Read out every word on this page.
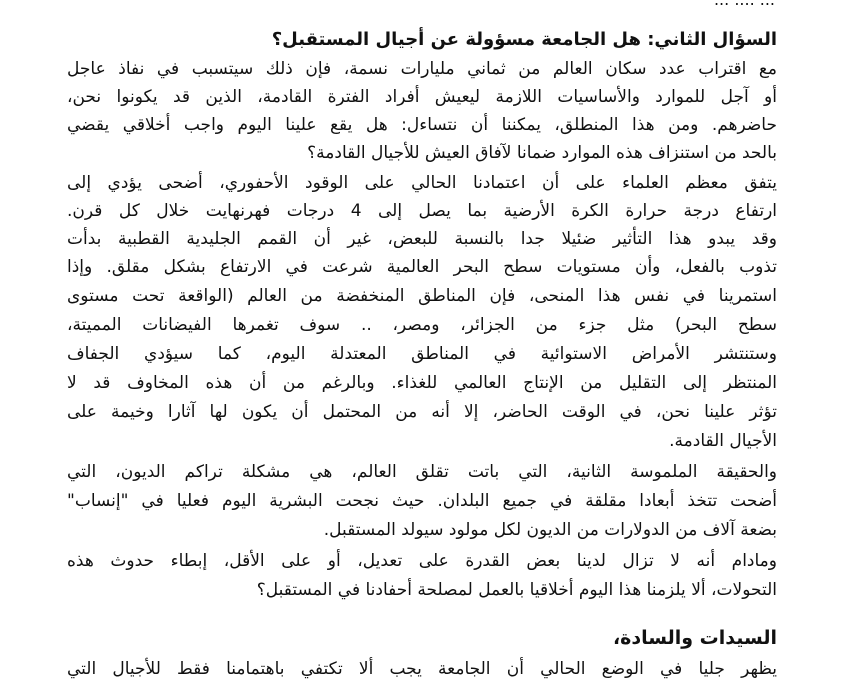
السؤال الثاني: هل الجامعة مسؤولة عن أجيال المستقبل؟
مع اقتراب عدد سكان العالم من ثماني مليارات نسمة، فإن ذلك سيتسبب في نفاذ عاجل
أو آجل للموارد والأساسيات اللازمة ليعيش أفراد الفترة القادمة، الذين قد يكونوا نحن،
حاضرهم. ومن هذا المنطلق، يمكننا أن نتساءل: هل يقع علينا اليوم واجب أخلاقي يقضي
بالحد من استنزاف هذه الموارد ضمانا لآفاق العيش للأجيال القادمة؟
يتفق معظم العلماء على أن اعتمادنا الحالي على الوقود الأحفوري، أضحى يؤدي إلى
ارتفاع درجة حرارة الكرة الأرضية بما يصل إلى 4 درجات فهرنهايت خلال كل قرن.
وقد يبدو هذا التأثير ضئيلا جدا بالنسبة للبعض، غير أن القمم الجليدية القطبية بدأت
تذوب بالفعل، وأن مستويات سطح البحر العالمية شرعت في الارتفاع بشكل مقلق. وإذا
استمرينا في نفس هذا المنحى، فإن المناطق المنخفضة من العالم (الواقعة تحت مستوى
سطح البحر) مثل جزء من الجزائر، ومصر، .. سوف تغمرها الفيضانات المميتة،
وستنتشر الأمراض الاستوائية في المناطق المعتدلة اليوم، كما سيؤدي الجفاف
المنتظر إلى التقليل من الإنتاج العالمي للغذاء. وبالرغم من أن هذه المخاوف قد لا
تؤثر علينا نحن، في الوقت الحاضر، إلا أنه من المحتمل أن يكون لها آثارا وخيمة على
الأجيال القادمة.
والحقيقة الملموسة الثانية، التي باتت تقلق العالم، هي مشكلة تراكم الديون، التي
أضحت تتخذ أبعادا مقلقة في جميع البلدان. حيث نجحت البشرية اليوم فعليا في "إنساب"
بضعة آلاف من الدولارات من الديون لكل مولود سيولد المستقبل.
ومادام أنه لا تزال لدينا بعض القدرة على تعديل، أو على الأقل، إبطاء حدوث هذه
التحولات، ألا يلزمنا هذا اليوم أخلاقيا بالعمل لمصلحة أحفادنا في المستقبل؟
السيدات والسادة،
يظهر جليا في الوضع الحالي أن الجامعة يجب ألا تكتفي باهتمامنا فقط للأجيال التي
